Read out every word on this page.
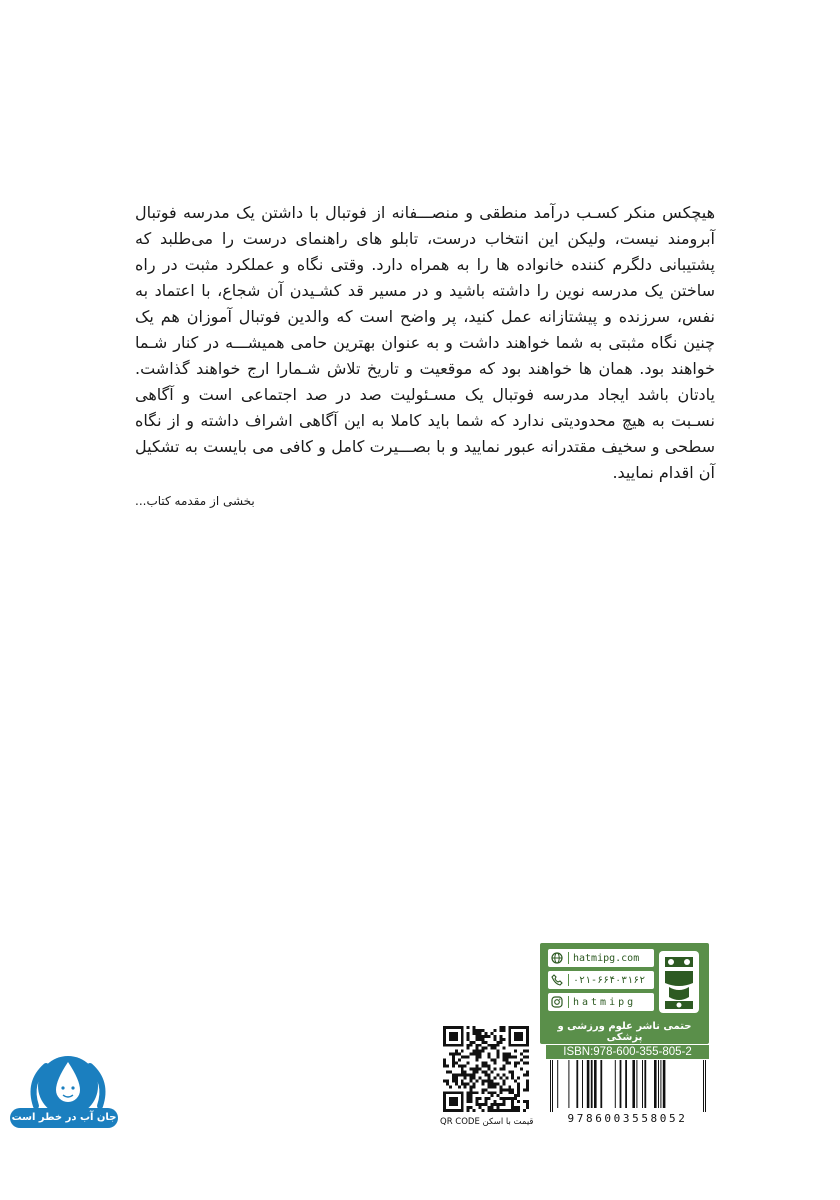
هیچکس منکر کسـب درآمد منطقی و منصـــفانه از فوتبال با داشتن یک مدرسه فوتبال آبرومند نیست، ولیکن این انتخاب درست، تابلو های راهنمای درست را می‌طلبد که پشتیبانی دلگرم کننده خانواده ها را به همراه دارد. وقتی نگاه و عملکرد مثبت در راه ساختن یک مدرسه نوین را داشته باشید و در مسیر قد کشـیدن آن شجاع، با اعتماد به نفس، سرزنده و پیشتازانه عمل کنید، پر واضح است که والدین فوتبال آموزان هم یک چنین نگاه مثبتی به شما خواهند داشت و به عنوان بهترین حامی همیشـــه در کنار شـما خواهند بود. همان ها خواهند بود که موقعیت و تاریخ تلاش شـمارا ارج خواهند گذاشت. یادتان باشد ایجاد مدرسه فوتبال یک مسـئولیت صد در صد اجتماعی است و آگاهی نسـبت به هیچ محدودیتی ندارد که شما باید کاملا به این آگاهی اشراف داشته و از نگاه سطحی و سخیف مقتدرانه عبور نمایید و با بصـــیرت کامل و کافی می بایست به تشکیل آن اقدام نمایید.

بخشی از مقدمه کتاب...
hatmipg.com
۰۲۱-۶۶۴۰۳۱۶۲
hatmipg
حتمی ناشر علوم ورزشی و پزشکی
ISBN:978-600-355-805-2
9786003558052
قیمت با اسکن QR CODE
جان آب در خطر است
